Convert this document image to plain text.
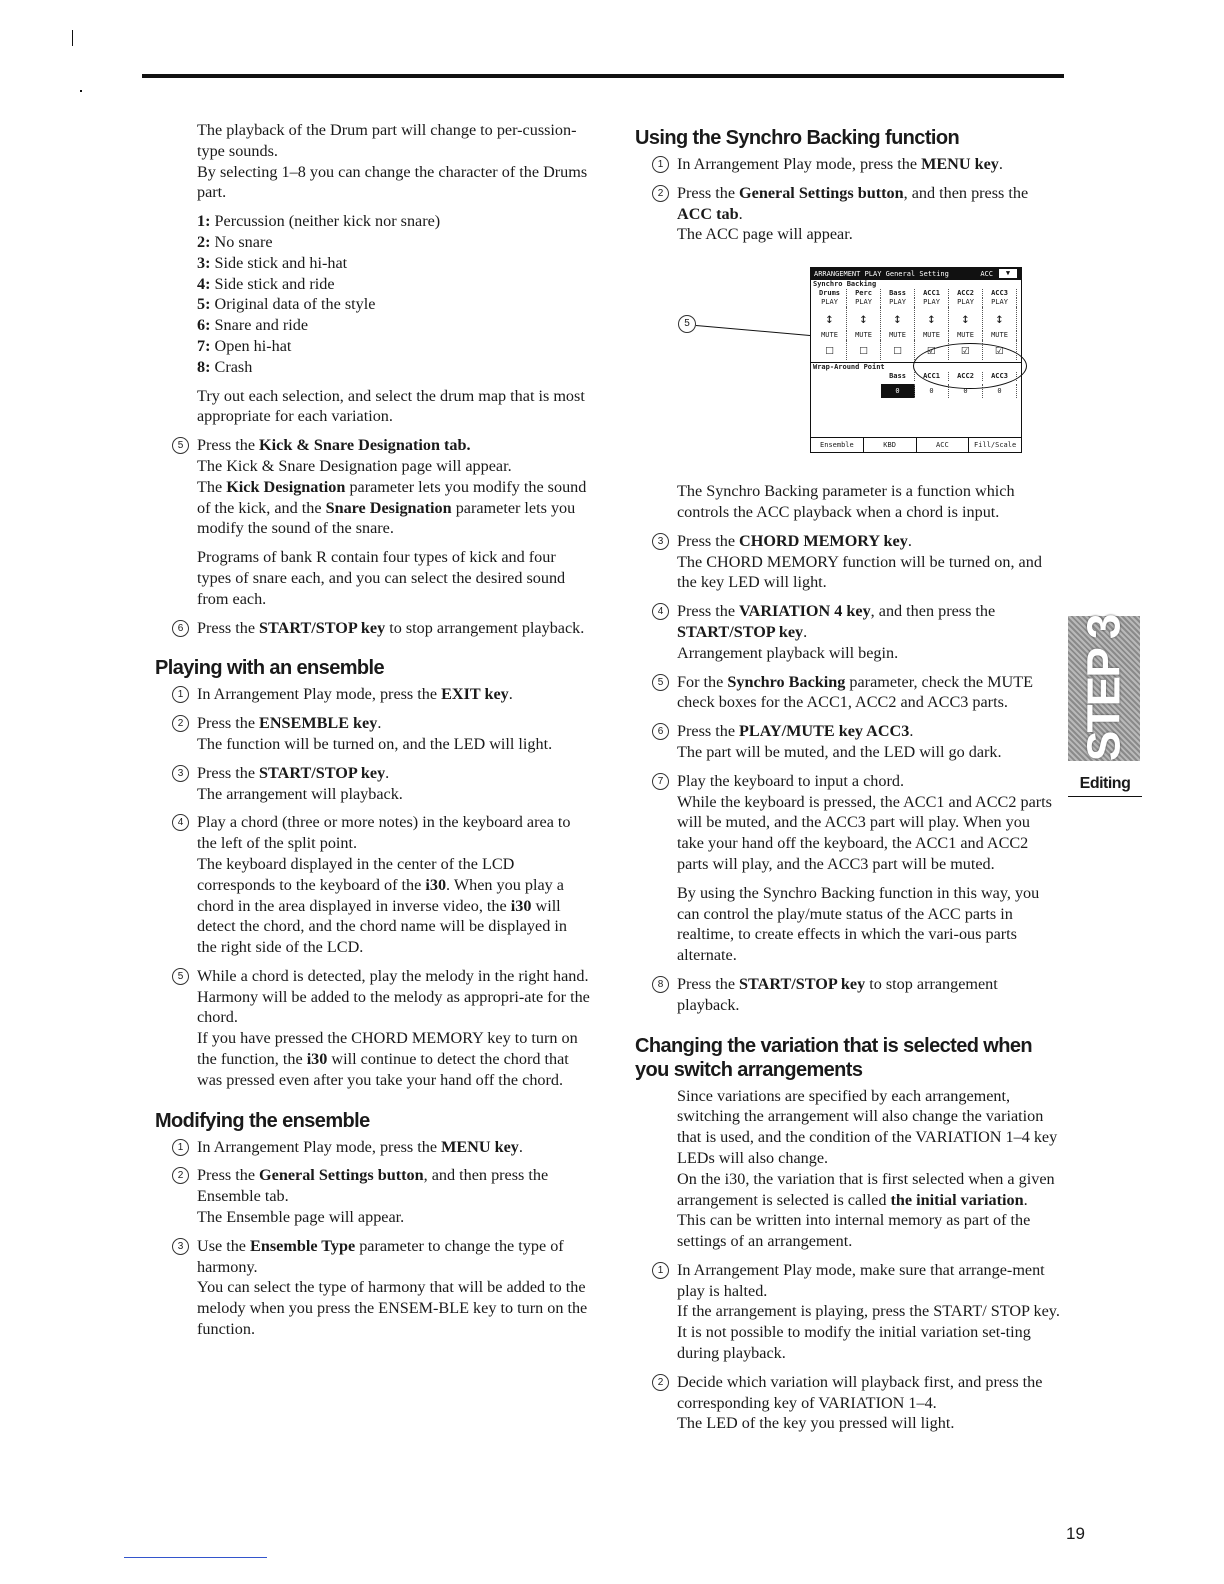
The playback of the Drum part will change to per-cussion-type sounds.

By selecting 1–8 you can change the character of the Drums part.

1: Percussion (neither kick nor snare)

2: No snare

3: Side stick and hi-hat

4: Side stick and ride

5: Original data of the style

6: Snare and ride

7: Open hi-hat

8: Crash

Try out each selection, and select the drum map that is most appropriate for each variation.

5 Press the Kick & Snare Designation tab.

The Kick & Snare Designation page will appear.

The Kick Designation parameter lets you modify the sound of the kick, and the Snare Designation parameter lets you modify the sound of the snare.

Programs of bank R contain four types of kick and four types of snare each, and you can select the desired sound from each.

6 Press the START/STOP key to stop arrangement playback.

Playing with an ensemble
1 In Arrangement Play mode, press the EXIT key.

2 Press the ENSEMBLE key.

The function will be turned on, and the LED will light.

3 Press the START/STOP key.

The arrangement will playback.

4 Play a chord (three or more notes) in the keyboard area to the left of the split point.

The keyboard displayed in the center of the LCD corresponds to the keyboard of the i30. When you play a chord in the area displayed in inverse video, the i30 will detect the chord, and the chord name will be displayed in the right side of the LCD.

5 While a chord is detected, play the melody in the right hand.

Harmony will be added to the melody as appropri-ate for the chord.

If you have pressed the CHORD MEMORY key to turn on the function, the i30 will continue to detect the chord that was pressed even after you take your hand off the chord.

Modifying the ensemble
1 In Arrangement Play mode, press the MENU key.

2 Press the General Settings button, and then press the Ensemble tab.

The Ensemble page will appear.

3 Use the Ensemble Type parameter to change the type of harmony.

You can select the type of harmony that will be added to the melody when you press the ENSEM-BLE key to turn on the function.

Using the Synchro Backing function
1 In Arrangement Play mode, press the MENU key.

2 Press the General Settings button, and then press the ACC tab.

The ACC page will appear.

5
ARRANGEMENT PLAY General Setting	ACC	▼
Synchro Backing
Drums	Perc	Bass	ACC1	ACC2	ACC3
PLAY	PLAY	PLAY	PLAY	PLAY	PLAY
↕	↕	↕	↕	↕	↕
MUTE	MUTE	MUTE	MUTE	MUTE	MUTE
☐	☐	☐	☑	☑	☑
Wrap-Around Point
Bass	ACC1	ACC2	ACC3
0	0	0	0
Ensemble	KBD	ACC	Fill/Scale

The Synchro Backing parameter is a function which controls the ACC playback when a chord is input.

3 Press the CHORD MEMORY key.

The CHORD MEMORY function will be turned on, and the key LED will light.

4 Press the VARIATION 4 key, and then press the START/STOP key.

Arrangement playback will begin.

5 For the Synchro Backing parameter, check the MUTE check boxes for the ACC1, ACC2 and ACC3 parts.

6 Press the PLAY/MUTE key ACC3.

The part will be muted, and the LED will go dark.

7 Play the keyboard to input a chord.

While the keyboard is pressed, the ACC1 and ACC2 parts will be muted, and the ACC3 part will play. When you take your hand off the keyboard, the ACC1 and ACC2 parts will play, and the ACC3 part will be muted.

By using the Synchro Backing function in this way, you can control the play/mute status of the ACC parts in realtime, to create effects in which the vari-ous parts alternate.

8 Press the START/STOP key to stop arrangement playback.

Changing the variation that is selected when you switch arrangements

Since variations are specified by each arrangement, switching the arrangement will also change the variation that is used, and the condition of the VARIATION 1–4 key LEDs will also change.

On the i30, the variation that is first selected when a given arrangement is selected is called the initial variation. This can be written into internal memory as part of the settings of an arrangement.

1 In Arrangement Play mode, make sure that arrange-ment play is halted.

If the arrangement is playing, press the START/ STOP key.

It is not possible to modify the initial variation set-ting during playback.

2 Decide which variation will playback first, and press the corresponding key of VARIATION 1–4.

The LED of the key you pressed will light.

STEP 3
Editing
19
